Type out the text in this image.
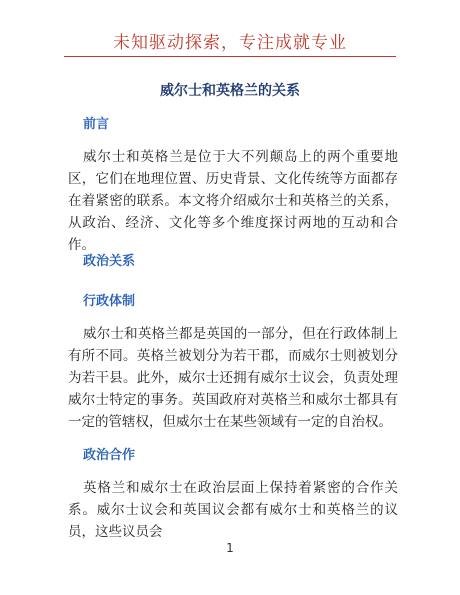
未知驱动探索，专注成就专业
威尔士和英格兰的关系
前言

威尔士和英格兰是位于大不列颠岛上的两个重要地区，它们在地理位置、历史背景、文化传统等方面都存在着紧密的联系。本文将介绍威尔士和英格兰的关系，从政治、经济、文化等多个维度探讨两地的互动和合作。

政治关系
行政体制

威尔士和英格兰都是英国的一部分，但在行政体制上有所不同。英格兰被划分为若干郡，而威尔士则被划分为若干县。此外，威尔士还拥有威尔士议会，负责处理威尔士特定的事务。英国政府对英格兰和威尔士都具有一定的管辖权，但威尔士在某些领域有一定的自治权。

政治合作

英格兰和威尔士在政治层面上保持着紧密的合作关系。威尔士议会和英国议会都有威尔士和英格兰的议员，这些议员会

1
